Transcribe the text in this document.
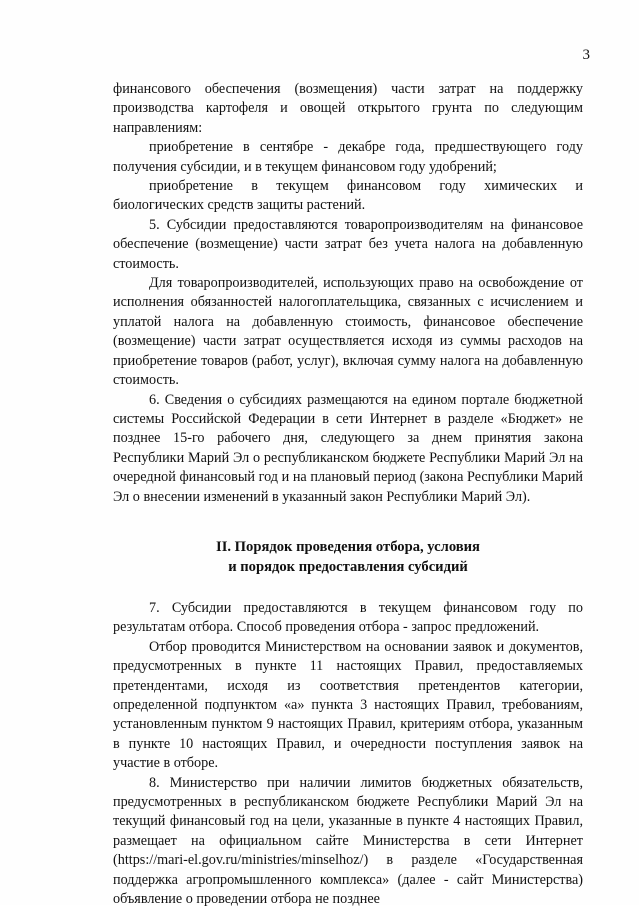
3

финансового обеспечения (возмещения) части затрат на поддержку производства картофеля и овощей открытого грунта по следующим направлениям:

приобретение в сентябре - декабре года, предшествующего году получения субсидии, и в текущем финансовом году удобрений;

приобретение в текущем финансовом году химических и биологических средств защиты растений.

5. Субсидии предоставляются товаропроизводителям на финансовое обеспечение (возмещение) части затрат без учета налога на добавленную стоимость.

Для товаропроизводителей, использующих право на освобождение от исполнения обязанностей налогоплательщика, связанных с исчислением и уплатой налога на добавленную стоимость, финансовое обеспечение (возмещение) части затрат осуществляется исходя из суммы расходов на приобретение товаров (работ, услуг), включая сумму налога на добавленную стоимость.

6. Сведения о субсидиях размещаются на едином портале бюджетной системы Российской Федерации в сети Интернет в разделе «Бюджет» не позднее 15-го рабочего дня, следующего за днем принятия закона Республики Марий Эл о республиканском бюджете Республики Марий Эл на очередной финансовый год и на плановый период (закона Республики Марий Эл о внесении изменений в указанный закон Республики Марий Эл).

II. Порядок проведения отбора, условия
и порядок предоставления субсидий

7. Субсидии предоставляются в текущем финансовом году по результатам отбора. Способ проведения отбора - запрос предложений.

Отбор проводится Министерством на основании заявок и документов, предусмотренных в пункте 11 настоящих Правил, предоставляемых претендентами, исходя из соответствия претендентов категории, определенной подпунктом «а» пункта 3 настоящих Правил, требованиям, установленным пунктом 9 настоящих Правил, критериям отбора, указанным в пункте 10 настоящих Правил, и очередности поступления заявок на участие в отборе.

8. Министерство при наличии лимитов бюджетных обязательств, предусмотренных в республиканском бюджете Республики Марий Эл на текущий финансовый год на цели, указанные в пункте 4 настоящих Правил, размещает на официальном сайте Министерства в сети Интернет (https://mari-el.gov.ru/ministries/minselhoz/) в разделе «Государственная поддержка агропромышленного комплекса» (далее - сайт Министерства) объявление о проведении отбора не позднее
